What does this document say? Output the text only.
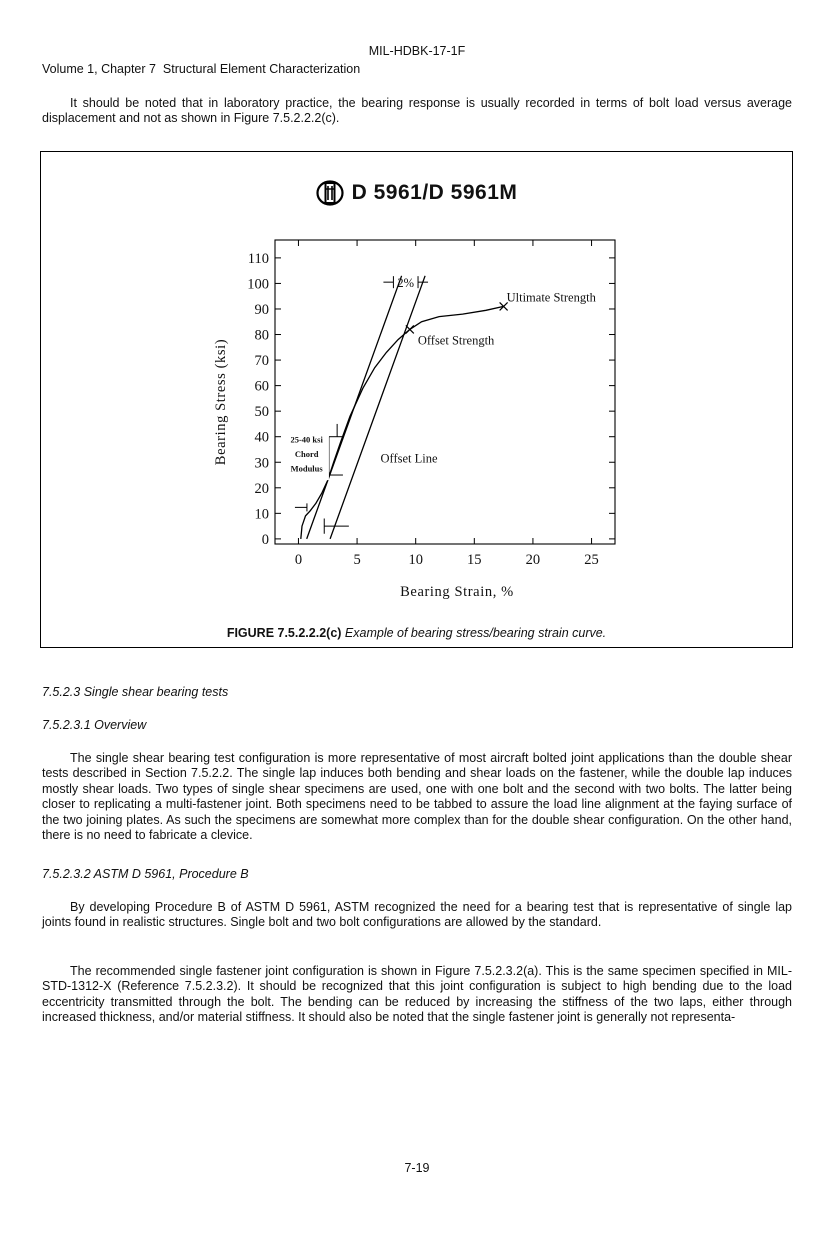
MIL-HDBK-17-1F
Volume 1, Chapter 7  Structural Element Characterization

It should be noted that in laboratory practice, the bearing response is usually recorded in terms of bolt load versus average displacement and not as shown in Figure 7.5.2.2.2(c).

D 5961/D 5961M
0
10
20
30
40
50
60
70
80
90
100
110
0	5	10	15	20	25
Bearing Strain, %
Bearing Stress (ksi)
Ultimate Strength
Offset Strength
Offset Line
2%
25-40 ksi
Chord
Modulus
FIGURE 7.5.2.2.2(c) Example of bearing stress/bearing strain curve.
7.5.2.3 Single shear bearing tests
7.5.2.3.1 Overview

The single shear bearing test configuration is more representative of most aircraft bolted joint applications than the double shear tests described in Section 7.5.2.2. The single lap induces both bending and shear loads on the fastener, while the double lap induces mostly shear loads. Two types of single shear specimens are used, one with one bolt and the second with two bolts. The latter being closer to replicating a multi-fastener joint. Both specimens need to be tabbed to assure the load line alignment at the faying surface of the two joining plates. As such the specimens are somewhat more complex than for the double shear configuration. On the other hand, there is no need to fabricate a clevice.

7.5.2.3.2 ASTM D 5961, Procedure B

By developing Procedure B of ASTM D 5961, ASTM recognized the need for a bearing test that is representative of single lap joints found in realistic structures. Single bolt and two bolt configurations are allowed by the standard.

The recommended single fastener joint configuration is shown in Figure 7.5.2.3.2(a). This is the same specimen specified in MIL-STD-1312-X (Reference 7.5.2.3.2). It should be recognized that this joint configuration is subject to high bending due to the load eccentricity transmitted through the bolt. The bending can be reduced by increasing the stiffness of the two laps, either through increased thickness, and/or material stiffness. It should also be noted that the single fastener joint is generally not representa-

7-19
